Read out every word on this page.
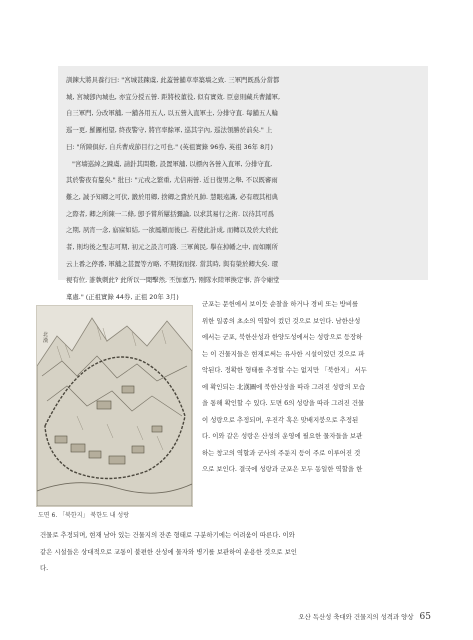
訓鍊大將具養行曰: "宮城甚踈虞, 此蓋營舖草率築墻之致. 三軍門既爲分當都
城, 宮城卽內城也, 亦宜分授五營. 距將校董役, 似有實效. 臣意則藏兵曹鋪軍,
自三軍門, 分改軍舖, 一舖各用五人, 以五營入直軍士, 分排守直. 每舖五人輪
巡一更, 羅鑼相望, 終夜警守, 將官率餘軍, 巡其宇內, 巡法領勝於前矣." 上
曰: "所陳俱好, 自兵曹成節目行之可也." (英祖實錄 96券, 英祖 36年 8月)
"宮墻巡綽之踈虞, 請針其問數, 設置軍舖, 以標內各營入直軍, 分排守直,
其於警夜有釐矣." 批曰: "元戎之繁重, 尤信兩營. 近日復男之舉, 不以既審雨
難之, 誠予知卿之可伏, 鍛於用卿, 捨卿之費於凡帥. 慧眼遠識, 必有瑕其相典
之際者, 卿之所陳一二條, 卽予嘗所屢括彌論, 以求其易行之術. 以待其可爲
之期, 夙宵一念, 寤寐如結, 一欲鳳顏而後已. 若使此計成, 而轉以及於大於此
者, 則均後之聖志可期, 初元之設言可踐. 三軍萬民, 擧在掉幡之中, 而如剛所
云上番之停番, 軍舖之甚置等方略, 不期探而探. 當其時, 與有榮於卿大矣. 環
視有位, 誰執刺此? 此所以一聞擊然, 丕加嘉乃, 刚隊水陸軍換定事, 許令廟堂
稟處." (正祖實錄 44券, 正祖 20年 3月)
北
漢
도면 6. 「북한지」 북한도 내 성랑
군포는 문헌에서 보이듯 순찰을 하거나 경비 또는 방비를
위한 일종의 초소의 역할이 컸던 것으로 보인다. 남한산성
에서는 군포, 북한산성과 한양도성에서는 성랑으로 등장하
는 이 건물지들은 현재로써는 유사한 시설이었던 것으로 파
악된다. 정확한 형태를 추정할 수는 없지만 「북한지」 서두
에 확인되는 北漢圖에 북한산성을 따라 그려진 성랑의 모습
을 통해 확인할 수 있다. 도면 6의 성랑을 따라 그려진 건물
이 성랑으로 추정되며, 우진각 혹은 맞배지붕으로 추정된
다. 이와 같은 성랑은 산성의 운영에 필요한 물자들을 보관
하는 창고의 역할과 군사의 주둔지 등이 주로 이루어진 것
으로 보인다. 결국에 성랑과 군포은 모두 동일한 역할을 한
건물로 추정되며, 현재 남아 있는 건물지의 잔존 형태로 구분하기에는 어려움이 따른다. 이와
같은 시설들은 상대적으로 교통이 불편한 산성에 물자와 병기를 보관하여 운용한 것으로 보인
다.
오산 독산성 축대와 건물지의 성격과 양상 65
